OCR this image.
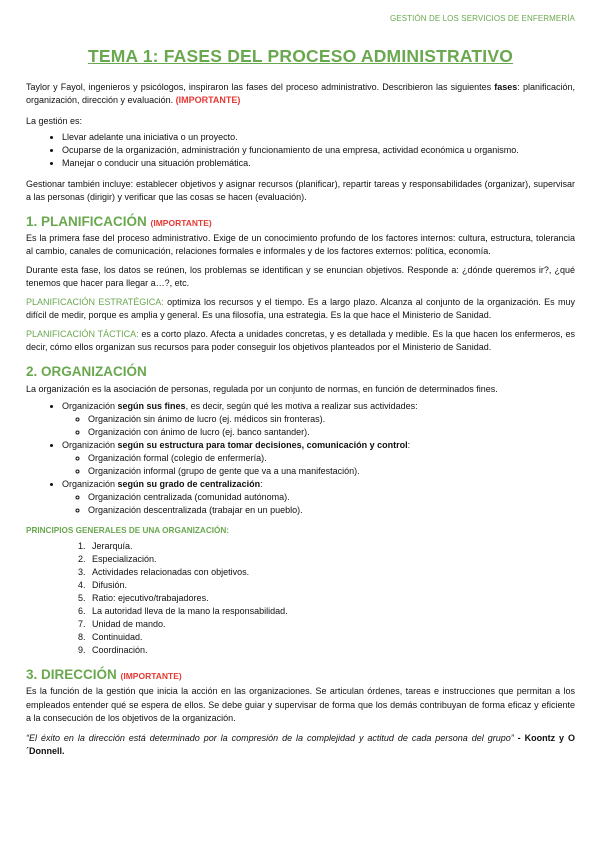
GESTIÓN DE LOS SERVICIOS DE ENFERMERÍA
TEMA 1: FASES DEL PROCESO ADMINISTRATIVO

Taylor y Fayol, ingenieros y psicólogos, inspiraron las fases del proceso administrativo. Describieron las siguientes fases: planificación, organización, dirección y evaluación. (IMPORTANTE)

La gestión es:

• Llevar adelante una iniciativa o un proyecto.
• Ocuparse de la organización, administración y funcionamiento de una empresa, actividad económica u organismo.
• Manejar o conducir una situación problemática.

Gestionar también incluye: establecer objetivos y asignar recursos (planificar), repartir tareas y responsabilidades (organizar), supervisar a las personas (dirigir) y verificar que las cosas se hacen (evaluación).

1. PLANIFICACIÓN (IMPORTANTE)

Es la primera fase del proceso administrativo. Exige de un conocimiento profundo de los factores internos: cultura, estructura, tolerancia al cambio, canales de comunicación, relaciones formales e informales y de los factores externos: política, economía.

Durante esta fase, los datos se reúnen, los problemas se identifican y se enuncian objetivos. Responde a: ¿dónde queremos ir?, ¿qué tenemos que hacer para llegar a…?, etc.

PLANIFICACIÓN ESTRATÉGICA: optimiza los recursos y el tiempo. Es a largo plazo. Alcanza al conjunto de la organización. Es muy difícil de medir, porque es amplia y general. Es una filosofía, una estrategia. Es la que hace el Ministerio de Sanidad.

PLANIFICACIÓN TÁCTICA: es a corto plazo. Afecta a unidades concretas, y es detallada y medible. Es la que hacen los enfermeros, es decir, cómo ellos organizan sus recursos para poder conseguir los objetivos planteados por el Ministerio de Sanidad.

2. ORGANIZACIÓN

La organización es la asociación de personas, regulada por un conjunto de normas, en función de determinados fines.

• Organización según sus fines, es decir, según qué les motiva a realizar sus actividades:
◦ Organización sin ánimo de lucro (ej. médicos sin fronteras).
◦ Organización con ánimo de lucro (ej. banco santander).
• Organización según su estructura para tomar decisiones, comunicación y control:
◦ Organización formal (colegio de enfermería).
◦ Organización informal (grupo de gente que va a una manifestación).
• Organización según su grado de centralización:
◦ Organización centralizada (comunidad autónoma).
◦ Organización descentralizada (trabajar en un pueblo).

PRINCIPIOS GENERALES DE UNA ORGANIZACIÓN:

1. Jerarquía.
2. Especialización.
3. Actividades relacionadas con objetivos.
4. Difusión.
5. Ratio: ejecutivo/trabajadores.
6. La autoridad lleva de la mano la responsabilidad.
7. Unidad de mando.
8. Continuidad.
9. Coordinación.
3. DIRECCIÓN (IMPORTANTE)

Es la función de la gestión que inicia la acción en las organizaciones. Se articulan órdenes, tareas e instrucciones que permitan a los empleados entender qué se espera de ellos. Se debe guiar y supervisar de forma que los demás contribuyan de forma eficaz y eficiente a la consecución de los objetivos de la organización.

“El éxito en la dirección está determinado por la compresión de la complejidad y actitud de cada persona del grupo” - Koontz y O´Donnell.
